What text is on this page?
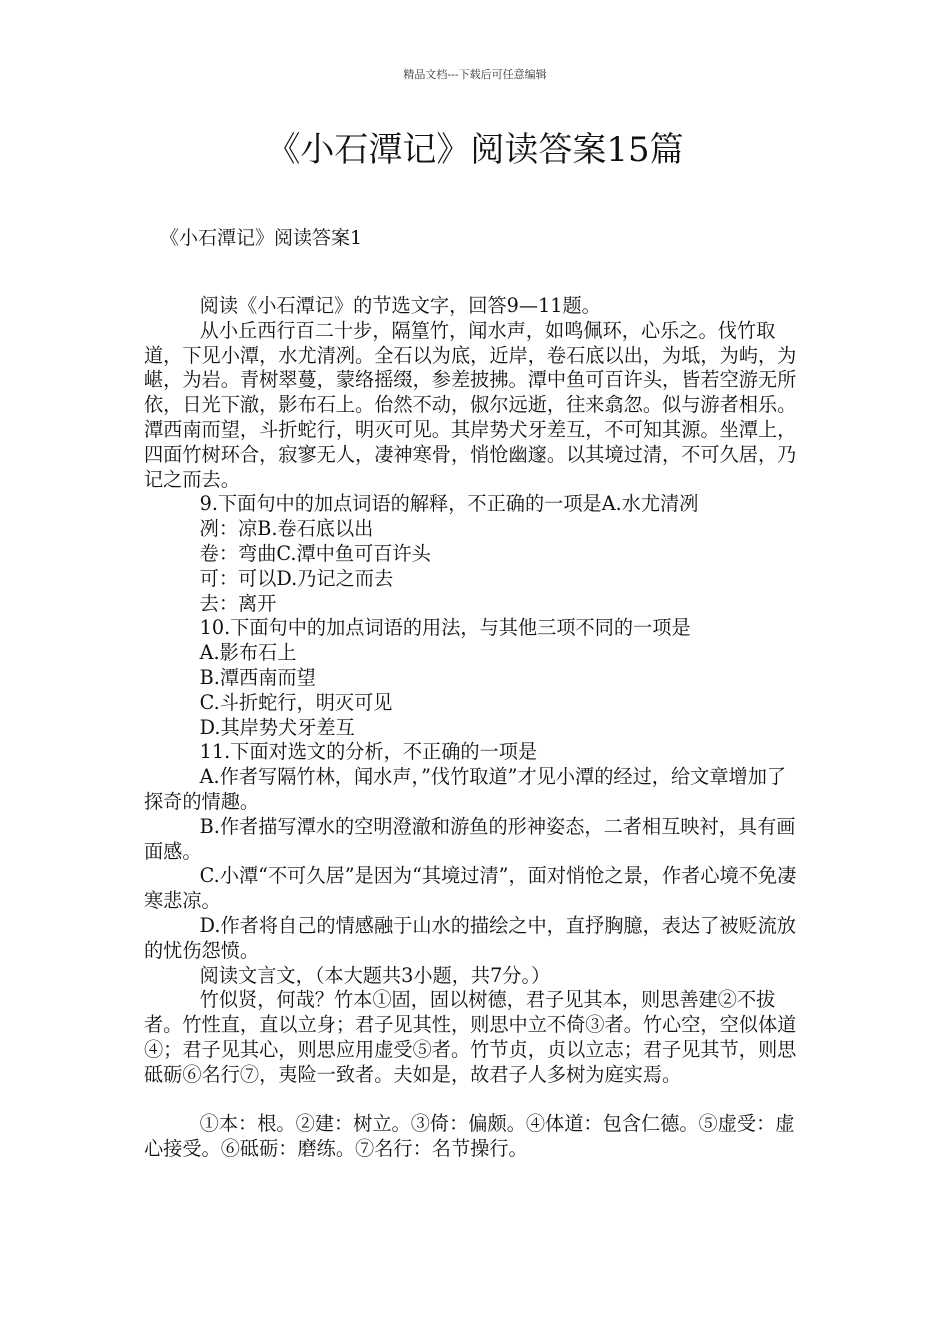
精品文档---下载后可任意编辑
《小石潭记》阅读答案15篇
《小石潭记》阅读答案1

阅读《小石潭记》的节选文字，回答9—11题。

从小丘西行百二十步，隔篁竹，闻水声，如鸣佩环，心乐之。伐竹取道，下见小潭，水尤清冽。全石以为底，近岸，卷石底以出，为坻，为屿，为嵁，为岩。青树翠蔓，蒙络摇缀，参差披拂。潭中鱼可百许头，皆若空游无所依，日光下澈，影布石上。佁然不动，俶尔远逝，往来翕忽。似与游者相乐。潭西南而望，斗折蛇行，明灭可见。其岸势犬牙差互，不可知其源。坐潭上，四面竹树环合，寂寥无人，凄神寒骨，悄怆幽邃。以其境过清，不可久居，乃记之而去。

9.下面句中的加点词语的解释，不正确的一项是A.水尤清冽

冽：凉B.卷石底以出

卷：弯曲C.潭中鱼可百许头

可：可以D.乃记之而去

去：离开

10.下面句中的加点词语的用法，与其他三项不同的一项是

A.影布石上

B.潭西南而望

C.斗折蛇行，明灭可见

D.其岸势犬牙差互

11.下面对选文的分析，不正确的一项是

A.作者写隔竹林，闻水声，”伐竹取道”才见小潭的经过，给文章增加了探奇的情趣。

B.作者描写潭水的空明澄澈和游鱼的形神姿态，二者相互映衬，具有画面感。

C.小潭“不可久居”是因为“其境过清”，面对悄怆之景，作者心境不免凄寒悲凉。

D.作者将自己的情感融于山水的描绘之中，直抒胸臆，表达了被贬流放的忧伤怨愤。

阅读文言文，（本大题共3小题，共7分。）

竹似贤，何哉？竹本①固，固以树德，君子见其本，则思善建②不拔者。竹性直，直以立身；君子见其性，则思中立不倚③者。竹心空，空似体道④；君子见其心，则思应用虚受⑤者。竹节贞，贞以立志；君子见其节，则思砥砺⑥名行⑦，夷险一致者。夫如是，故君子人多树为庭实焉。

①本：根。②建：树立。③倚：偏颇。④体道：包含仁德。⑤虚受：虚心接受。⑥砥砺：磨练。⑦名行：名节操行。
